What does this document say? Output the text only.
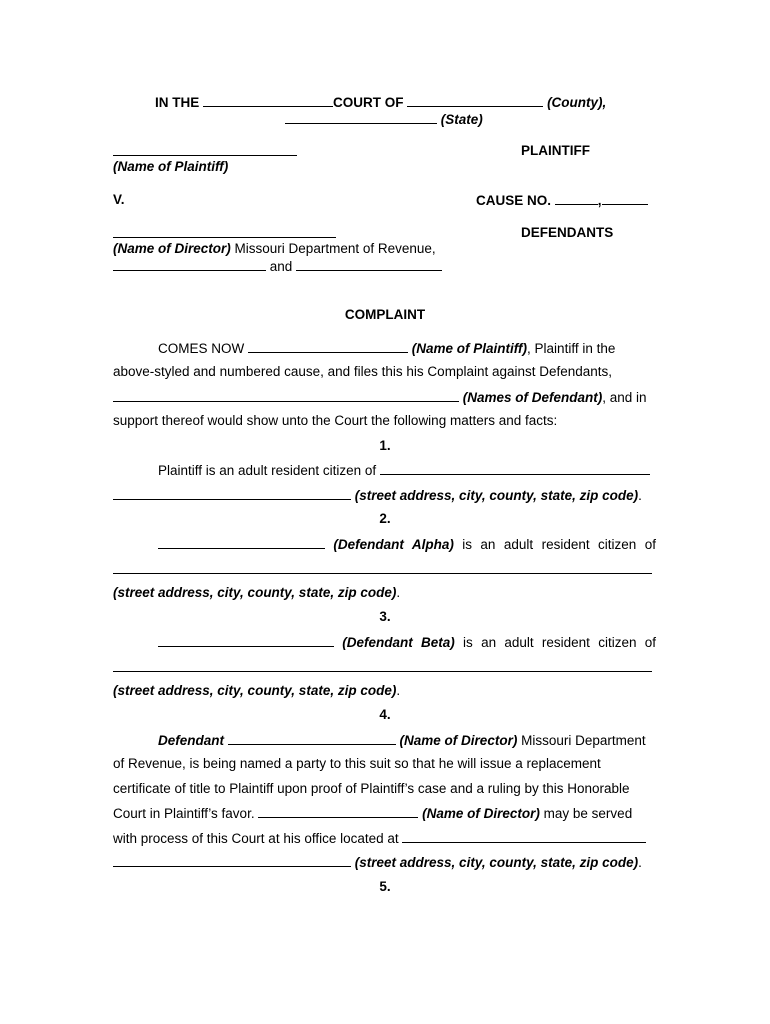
IN THE	COURT OF	(County),
(State)
PLAINTIFF
(Name of Plaintiff)
V.	CAUSE NO.	,
DEFENDANTS
(Name of Director) Missouri Department of Revenue,
and
COMPLAINT
COMES NOW	(Name of Plaintiff), Plaintiff in the
above-styled and numbered cause, and files this his Complaint against Defendants,
(Names of Defendant), and in
support thereof would show unto the Court the following matters and facts:
1.
Plaintiff is an adult resident citizen of
(street address, city, county, state, zip code).
2.
(Defendant Alpha) is an adult resident citizen of
(street address, city, county, state, zip code).
3.
(Defendant Beta) is an adult resident citizen of
(street address, city, county, state, zip code).
4.
Defendant	(Name of Director) Missouri Department
of Revenue, is being named a party to this suit so that he will issue a replacement
certificate of title to Plaintiff upon proof of Plaintiff’s case and a ruling by this Honorable
Court in Plaintiff’s favor.	(Name of Director) may be served
with process of this Court at his office located at
(street address, city, county, state, zip code).
5.
